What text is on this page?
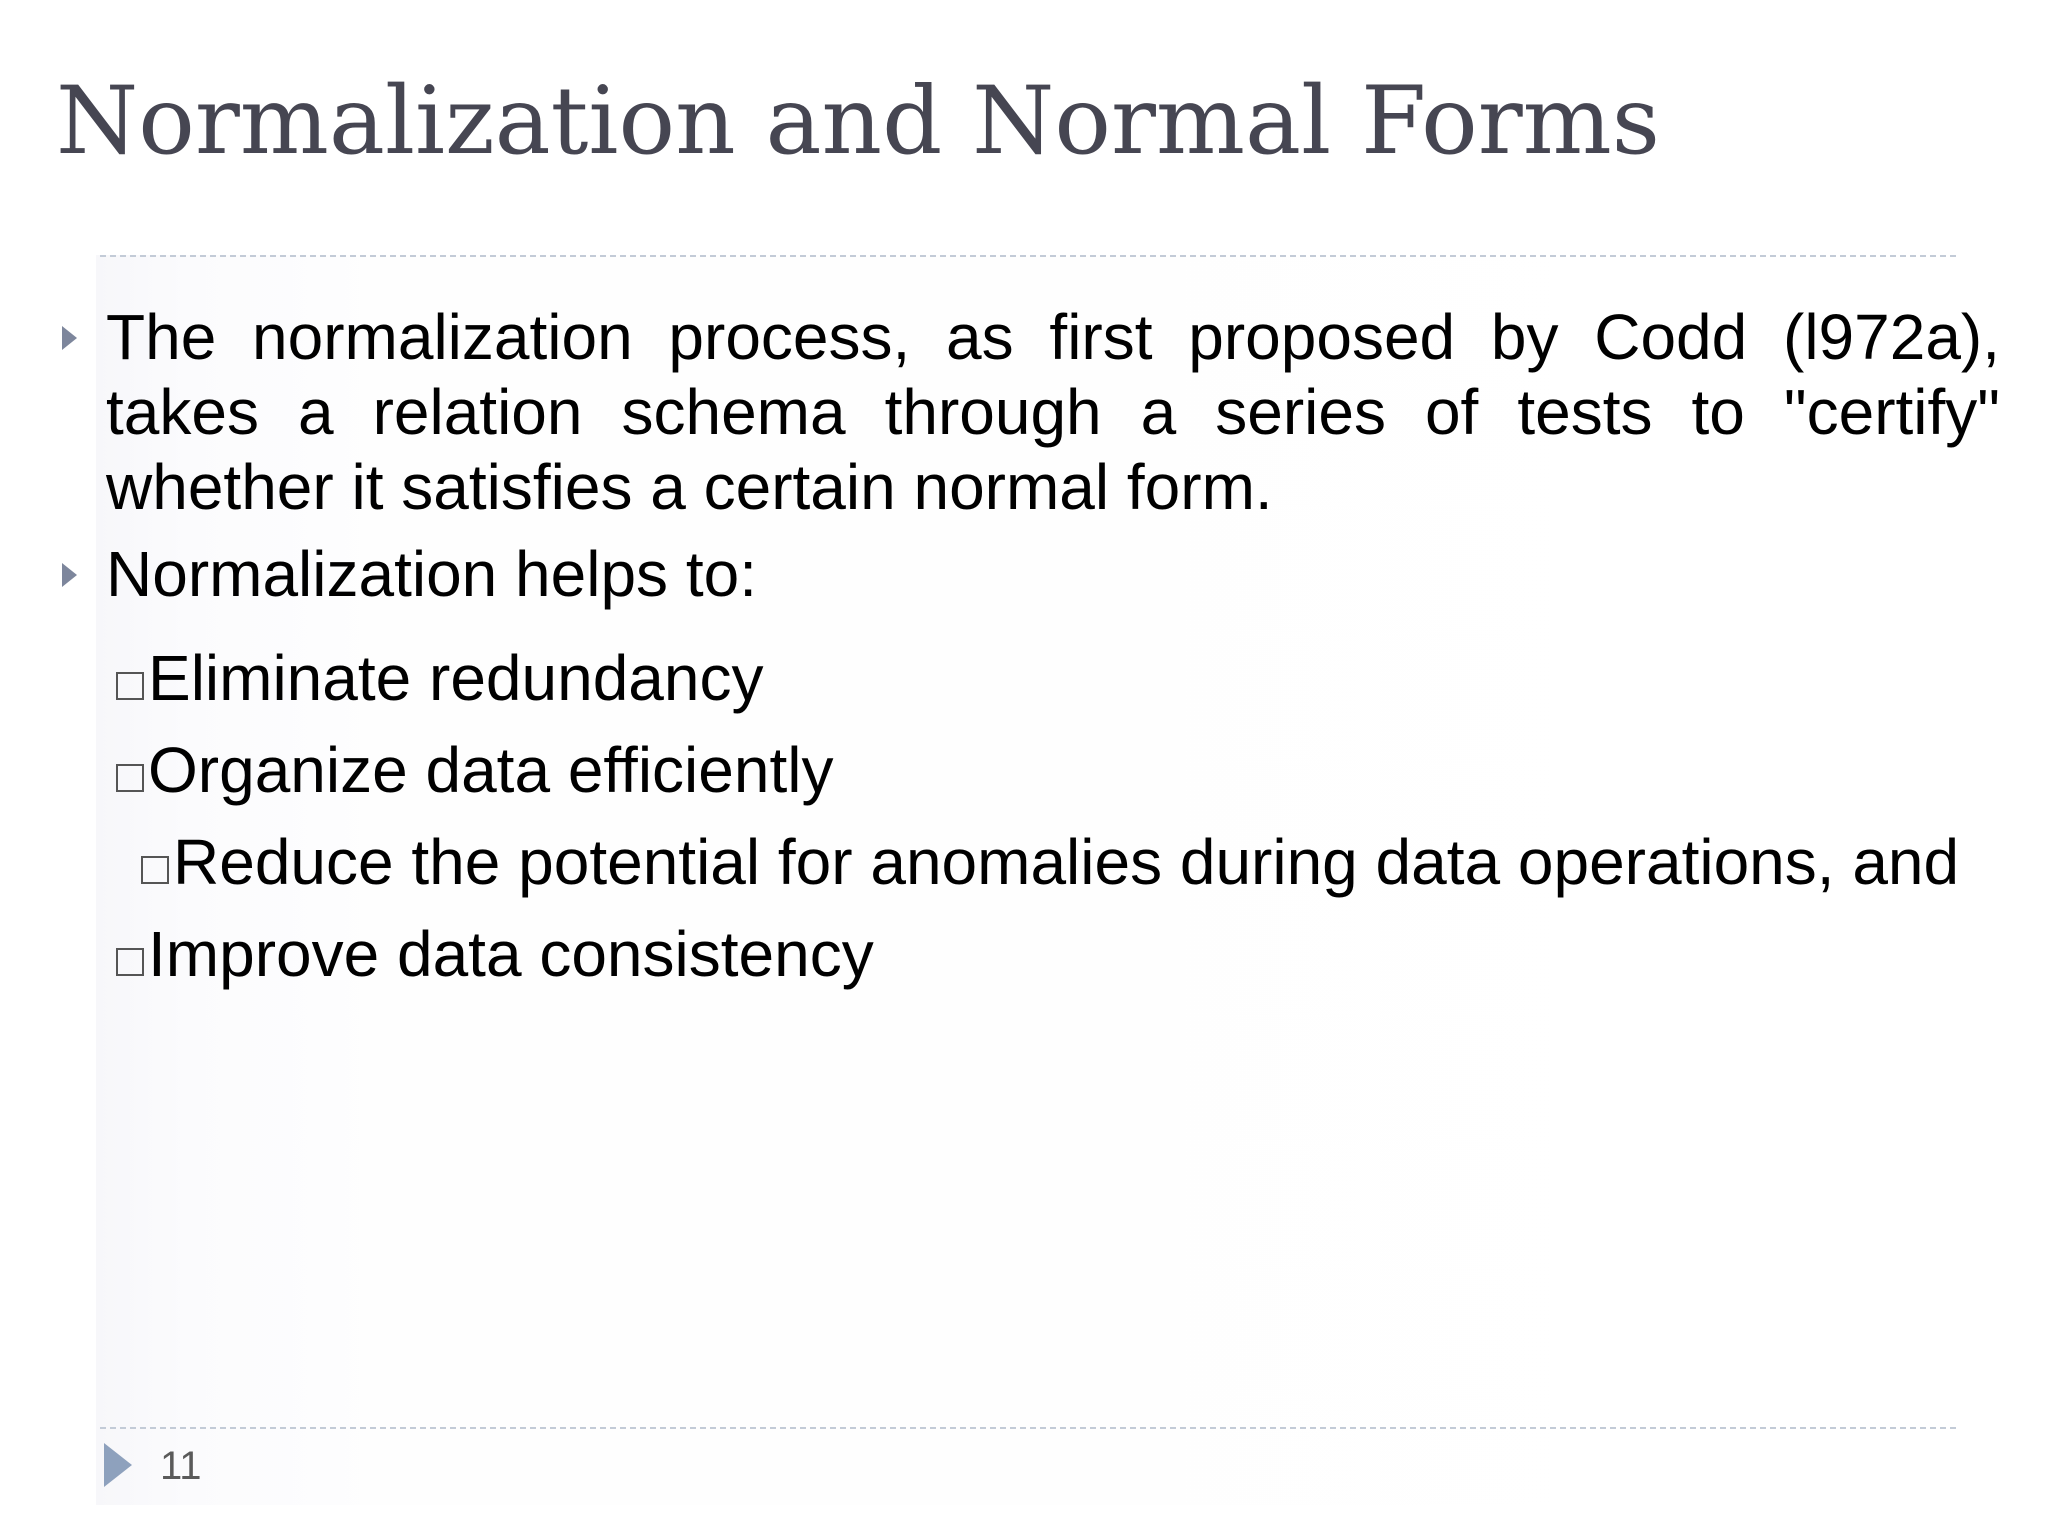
Normalization and Normal Forms
The normalization process, as first proposed by Codd (l972a), takes a relation schema through a series of tests to "certify" whether it satisfies a certain normal form.
Normalization helps to:
Eliminate redundancy
Organize data efficiently
Reduce the potential for anomalies during data operations, and
Improve data consistency
11
